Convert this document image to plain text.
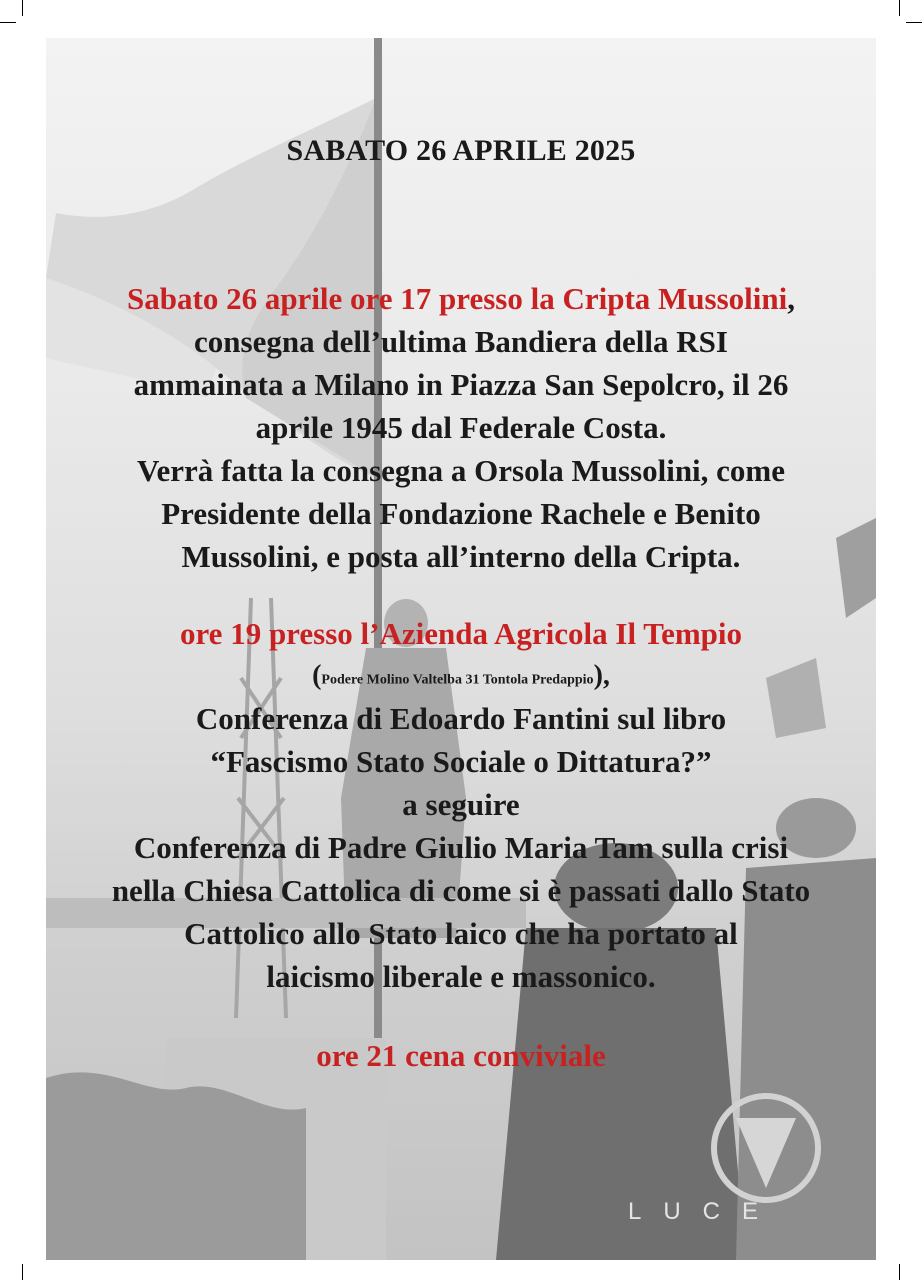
LUCE
SABATO 26 APRILE 2025
Sabato 26 aprile ore 17 presso la Cripta Mussolini,
consegna dell’ultima Bandiera della RSI
ammainata a Milano in Piazza San Sepolcro, il 26
aprile 1945 dal Federale Costa.
Verrà fatta la consegna a Orsola Mussolini, come
Presidente della Fondazione Rachele e Benito
Mussolini, e posta all’interno della Cripta.
ore 19 presso l’Azienda Agricola Il Tempio
(Podere Molino Valtelba 31 Tontola Predappio),
Conferenza di Edoardo Fantini sul libro
“Fascismo Stato Sociale o Dittatura?”
a seguire
Conferenza di Padre Giulio Maria Tam sulla crisi
nella Chiesa Cattolica di come si è passati dallo Stato
Cattolico allo Stato laico che ha portato al
laicismo liberale e massonico.
ore 21 cena conviviale
